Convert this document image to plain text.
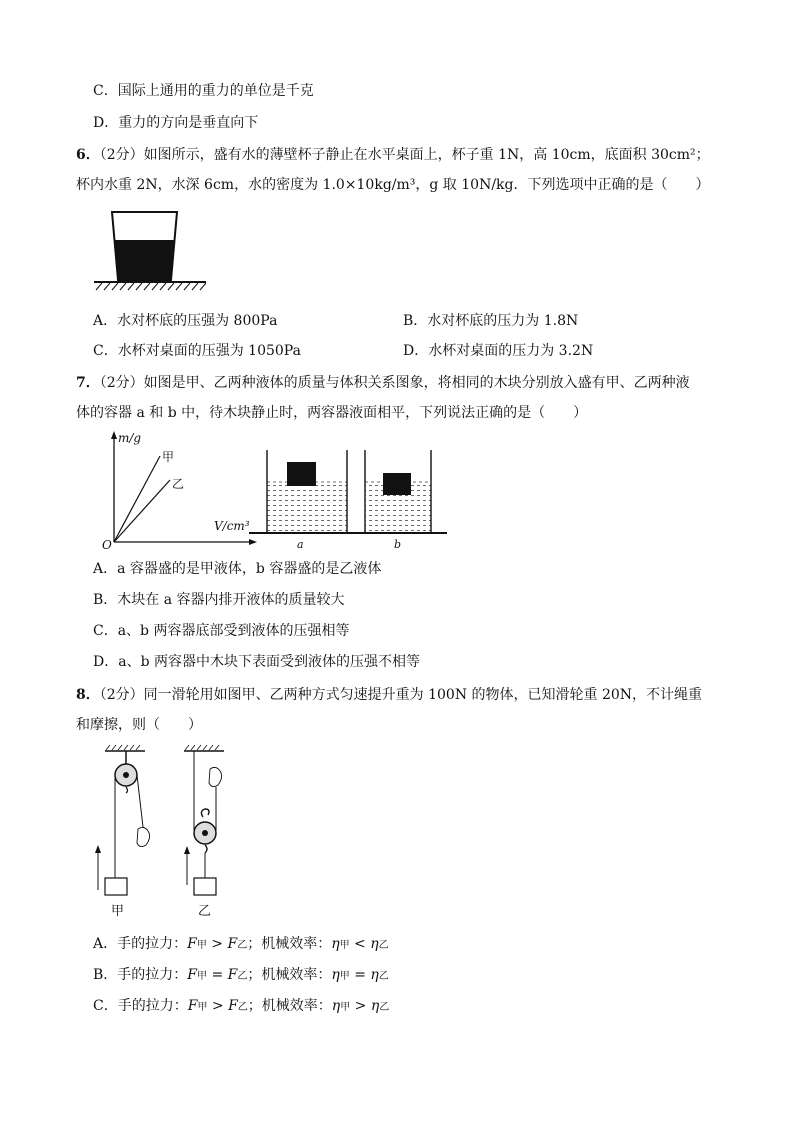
C．国际上通用的重力的单位是千克
D．重力的方向是垂直向下
6．（2分）如图所示，盛有水的薄壁杯子静止在水平桌面上，杯子重 1N，高 10cm，底面积 30cm²；
杯内水重 2N，水深 6cm，水的密度为 1.0×10kg/m³，g 取 10N/kg．下列选项中正确的是（　　）
A．水对杯底的压强为 800Pa	B．水对杯底的压力为 1.8N
C．水杯对桌面的压强为 1050Pa	D．水杯对桌面的压力为 3.2N
7．（2分）如图是甲、乙两种液体的质量与体积关系图象，将相同的木块分别放入盛有甲、乙两种液
体的容器 a 和 b 中，待木块静止时，两容器液面相平，下列说法正确的是（　　）
m/g
V/cm³
O
甲
乙
a	b
A．a 容器盛的是甲液体，b 容器盛的是乙液体
B．木块在 a 容器内排开液体的质量较大
C．a、b 两容器底部受到液体的压强相等
D．a、b 两容器中木块下表面受到液体的压强不相等
8．（2分）同一滑轮用如图甲、乙两种方式匀速提升重为 100N 的物体，已知滑轮重 20N，不计绳重
和摩擦，则（　　）
甲	乙
A．手的拉力：F甲 > F乙；机械效率：η甲 < η乙
B．手的拉力：F甲 = F乙；机械效率：η甲 = η乙
C．手的拉力：F甲 > F乙；机械效率：η甲 > η乙
